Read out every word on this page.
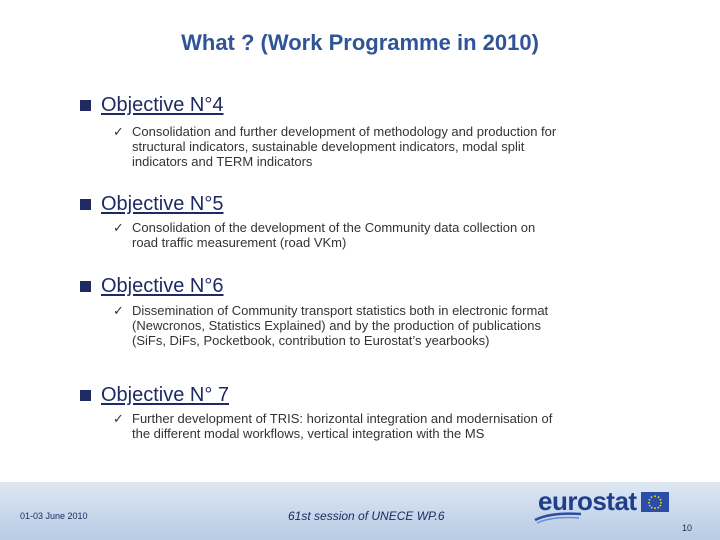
What ? (Work Programme in 2010)
Objective N°4
✓ Consolidation and further development of methodology and production for
structural indicators, sustainable development indicators, modal split
indicators and TERM indicators
Objective N°5
✓ Consolidation of the development of the Community data collection on
road traffic measurement (road VKm)
Objective N°6
✓ Dissemination of Community transport statistics both in electronic format
(Newcronos, Statistics Explained) and by the production of publications
(SiFs, DiFs, Pocketbook, contribution to Eurostat’s yearbooks)
Objective N° 7
✓ Further development of TRIS: horizontal integration and modernisation of
the different modal workflows, vertical integration with the MS
01-03 June 2010	61st session of UNECE WP.6	eurostat
10
